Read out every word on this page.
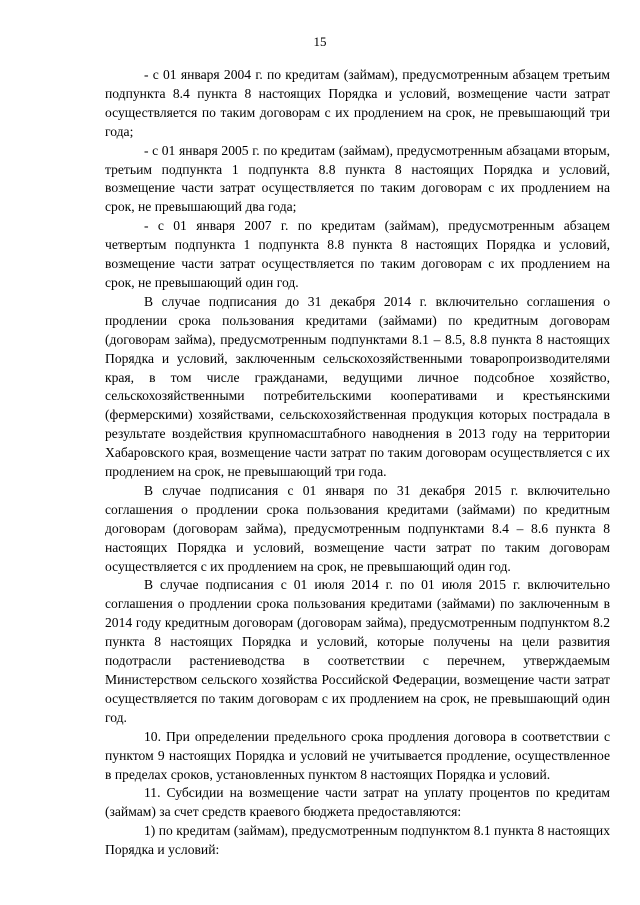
15

- с 01 января 2004 г. по кредитам (займам), предусмотренным абзацем третьим подпункта 8.4 пункта 8 настоящих Порядка и условий, возмещение части затрат осуществляется по таким договорам с их продлением на срок, не превышающий три года;

- с 01 января 2005 г. по кредитам (займам), предусмотренным абзацами вторым, третьим подпункта 1 подпункта 8.8 пункта 8 настоящих Порядка и условий, возмещение части затрат осуществляется по таким договорам с их продлением на срок, не превышающий два года;

- с 01 января 2007 г. по кредитам (займам), предусмотренным абзацем четвертым подпункта 1 подпункта 8.8 пункта 8 настоящих Порядка и условий, возмещение части затрат осуществляется по таким договорам с их продлением на срок, не превышающий один год.

В случае подписания до 31 декабря 2014 г. включительно соглашения о продлении срока пользования кредитами (займами) по кредитным договорам (договорам займа), предусмотренным подпунктами 8.1 – 8.5, 8.8 пункта 8 настоящих Порядка и условий, заключенным сельскохозяйственными товаропроизводителями края, в том числе гражданами, ведущими личное подсобное хозяйство, сельскохозяйственными потребительскими кооперативами и крестьянскими (фермерскими) хозяйствами, сельскохозяйственная продукция которых пострадала в результате воздействия крупномасштабного наводнения в 2013 году на территории Хабаровского края, возмещение части затрат по таким договорам осуществляется с их продлением на срок, не превышающий три года.

В случае подписания с 01 января по 31 декабря 2015 г. включительно соглашения о продлении срока пользования кредитами (займами) по кредитным договорам (договорам займа), предусмотренным подпунктами 8.4 – 8.6 пункта 8 настоящих Порядка и условий, возмещение части затрат по таким договорам осуществляется с их продлением на срок, не превышающий один год.

В случае подписания с 01 июля 2014 г. по 01 июля 2015 г. включительно соглашения о продлении срока пользования кредитами (займами) по заключенным в 2014 году кредитным договорам (договорам займа), предусмотренным подпунктом 8.2 пункта 8 настоящих Порядка и условий, которые получены на цели развития подотрасли растениеводства в соответствии с перечнем, утверждаемым Министерством сельского хозяйства Российской Федерации, возмещение части затрат осуществляется по таким договорам с их продлением на срок, не превышающий один год.

10. При определении предельного срока продления договора в соответствии с пунктом 9 настоящих Порядка и условий не учитывается продление, осуществленное в пределах сроков, установленных пунктом 8 настоящих Порядка и условий.

11. Субсидии на возмещение части затрат на уплату процентов по кредитам (займам) за счет средств краевого бюджета предоставляются:

1) по кредитам (займам), предусмотренным подпунктом 8.1 пункта 8 настоящих Порядка и условий:
